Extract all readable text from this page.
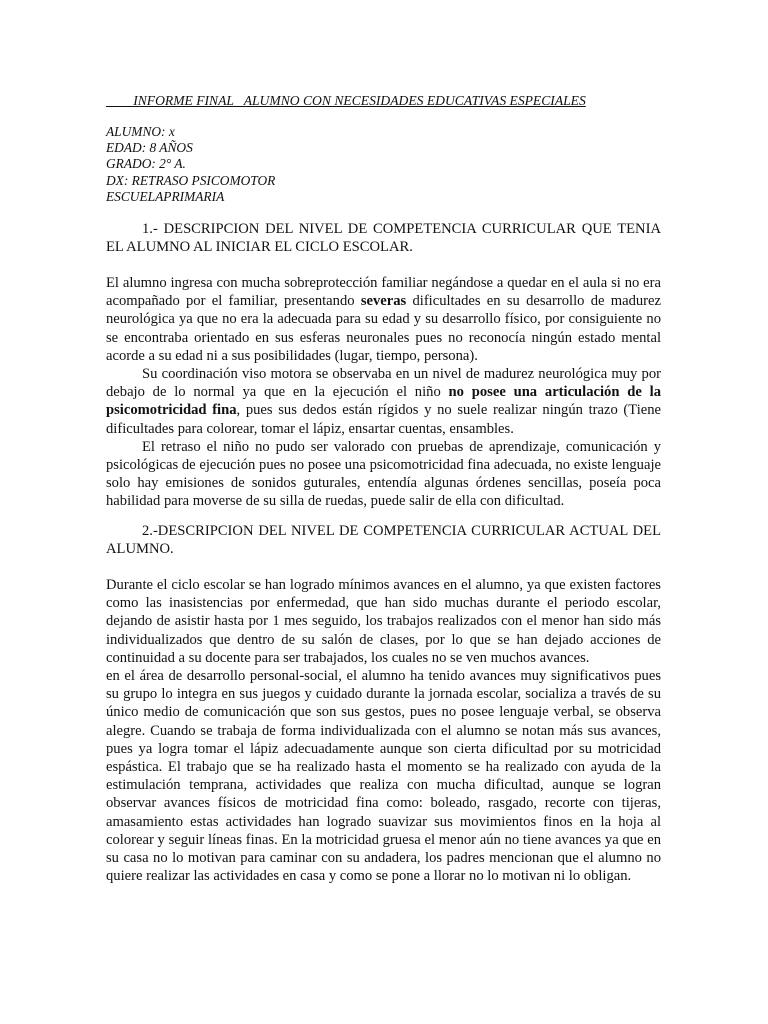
INFORME FINAL   ALUMNO CON NECESIDADES EDUCATIVAS ESPECIALES
ALUMNO: x
EDAD: 8 AÑOS
GRADO: 2° A.
DX: RETRASO PSICOMOTOR
ESCUELAPRIMARIA
1.- DESCRIPCION DEL NIVEL DE COMPETENCIA CURRICULAR QUE TENIA EL ALUMNO AL INICIAR EL CICLO ESCOLAR.

El alumno ingresa con mucha sobreprotección familiar negándose a quedar en el aula si no era acompañado por el familiar, presentando severas dificultades en su desarrollo de madurez neurológica ya que no era la adecuada para su edad y su desarrollo físico, por consiguiente no se encontraba orientado en sus esferas neuronales pues no reconocía ningún estado mental acorde a su edad ni a sus posibilidades (lugar, tiempo, persona).

Su coordinación viso motora se observaba en un nivel de madurez neurológica muy por debajo de lo normal ya que en la ejecución el niño no posee una articulación de la psicomotricidad fina, pues sus dedos están rígidos y no suele realizar ningún trazo (Tiene dificultades para colorear, tomar el lápiz, ensartar cuentas, ensambles.

El retraso el niño no pudo ser valorado con pruebas de aprendizaje, comunicación y psicológicas de ejecución pues no posee una psicomotricidad fina adecuada, no existe lenguaje solo hay emisiones de sonidos guturales, entendía algunas órdenes sencillas, poseía poca habilidad para moverse de su silla de ruedas, puede salir de ella con dificultad.

2.-DESCRIPCION DEL NIVEL DE COMPETENCIA CURRICULAR ACTUAL DEL ALUMNO.

Durante el ciclo escolar se han logrado mínimos avances en el alumno, ya que existen factores como las inasistencias por enfermedad, que han sido muchas durante el periodo escolar, dejando de asistir hasta por 1 mes seguido, los trabajos realizados con el menor han sido más individualizados que dentro de su salón de clases, por lo que se han dejado acciones de continuidad a su docente para ser trabajados, los cuales no se ven muchos avances.

en el área de desarrollo personal-social, el alumno ha tenido avances muy significativos pues su grupo lo integra en sus juegos y cuidado durante la jornada escolar, socializa a través de su único medio de comunicación que son sus gestos, pues no posee lenguaje verbal, se observa alegre. Cuando se trabaja de forma individualizada con el alumno se notan más sus avances, pues ya logra tomar el lápiz adecuadamente aunque son cierta dificultad por su motricidad espástica. El trabajo que se ha realizado hasta el momento se ha realizado con ayuda de la estimulación temprana, actividades que realiza con mucha dificultad, aunque se logran observar avances físicos de motricidad fina como: boleado, rasgado, recorte con tijeras, amasamiento estas actividades han logrado suavizar sus movimientos finos en la hoja al colorear y seguir líneas finas. En la motricidad gruesa el menor aún no tiene avances ya que en su casa no lo motivan para caminar con su andadera, los padres mencionan que el alumno no quiere realizar las actividades en casa y como se pone a llorar no lo motivan ni lo obligan.
